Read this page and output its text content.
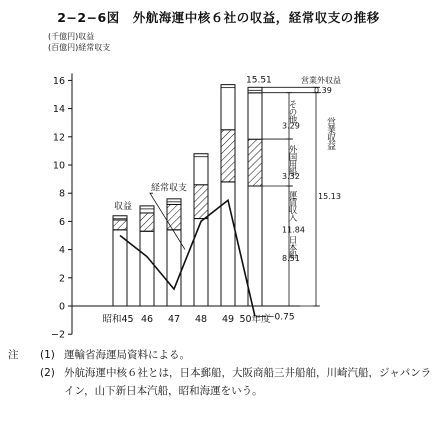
2−2−6図　外航海運中核６社の収益，経常収支の推移
(千億円)収益
(百億円)経常収支
16
14
12
10
8
6
4
2
0
−2
昭和45 46 47 48 49 50年度
収益
経常収支
15.51
−0.75
営業外収益
0.39
その他
3.29
外国用船
3.32
運賃収入
11.84
日本船
8.51
営業収益
15.13
注	(1) 運輸省海運局資料による。
(2) 外航海運中核６社とは，日本郵船，大阪商船三井船舶，川崎汽船，ジャパンライン，山下新日本汽船，昭和海運をいう。
